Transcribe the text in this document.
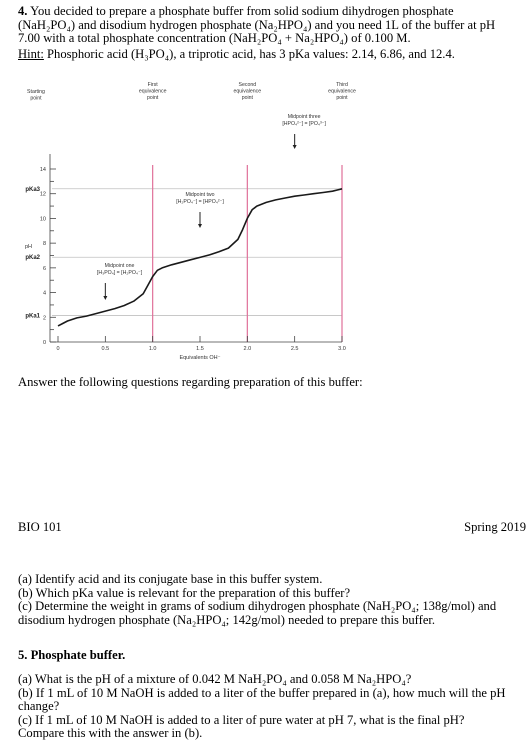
4. You decided to prepare a phosphate buffer from solid sodium dihydrogen phosphate
(NaH₂PO₄) and disodium hydrogen phosphate (Na₂HPO₄) and you need 1L of the buffer at pH
7.00 with a total phosphate concentration (NaH₂PO₄ + Na₂HPO₄) of 0.100 M.
Hint: Phosphoric acid (H₃PO₄), a triprotic acid, has 3 pKa values: 2.14, 6.86, and 12.4.
0
2
4
6
8
10
12
14
0	0.5	1.0	1.5	2.0	2.5	3.0
Equivalents OH⁻
pH
pKa1
pKa2
pKa3
Starting
point
First
equivalence
point
Second
equivalence
point
Third
equivalence
point
Midpoint one
[H₃PO₄] = [H₂PO₄⁻]
Midpoint two
[H₂PO₄⁻] = [HPO₄²⁻]
Midpoint three
[HPO₄²⁻] = [PO₄³⁻]
Answer the following questions regarding preparation of this buffer:
BIO 101	Spring 2019
(a) Identify acid and its conjugate base in this buffer system.
(b) Which pKa value is relevant for the preparation of this buffer?
(c) Determine the weight in grams of sodium dihydrogen phosphate (NaH₂PO₄; 138g/mol) and
disodium hydrogen phosphate (Na₂HPO₄; 142g/mol) needed to prepare this buffer.
5. Phosphate buffer.
(a) What is the pH of a mixture of 0.042 M NaH₂PO₄ and 0.058 M Na₂HPO₄?
(b) If 1 mL of 10 M NaOH is added to a liter of the buffer prepared in (a), how much will the pH
change?
(c) If 1 mL of 10 M NaOH is added to a liter of pure water at pH 7, what is the final pH?
Compare this with the answer in (b).
